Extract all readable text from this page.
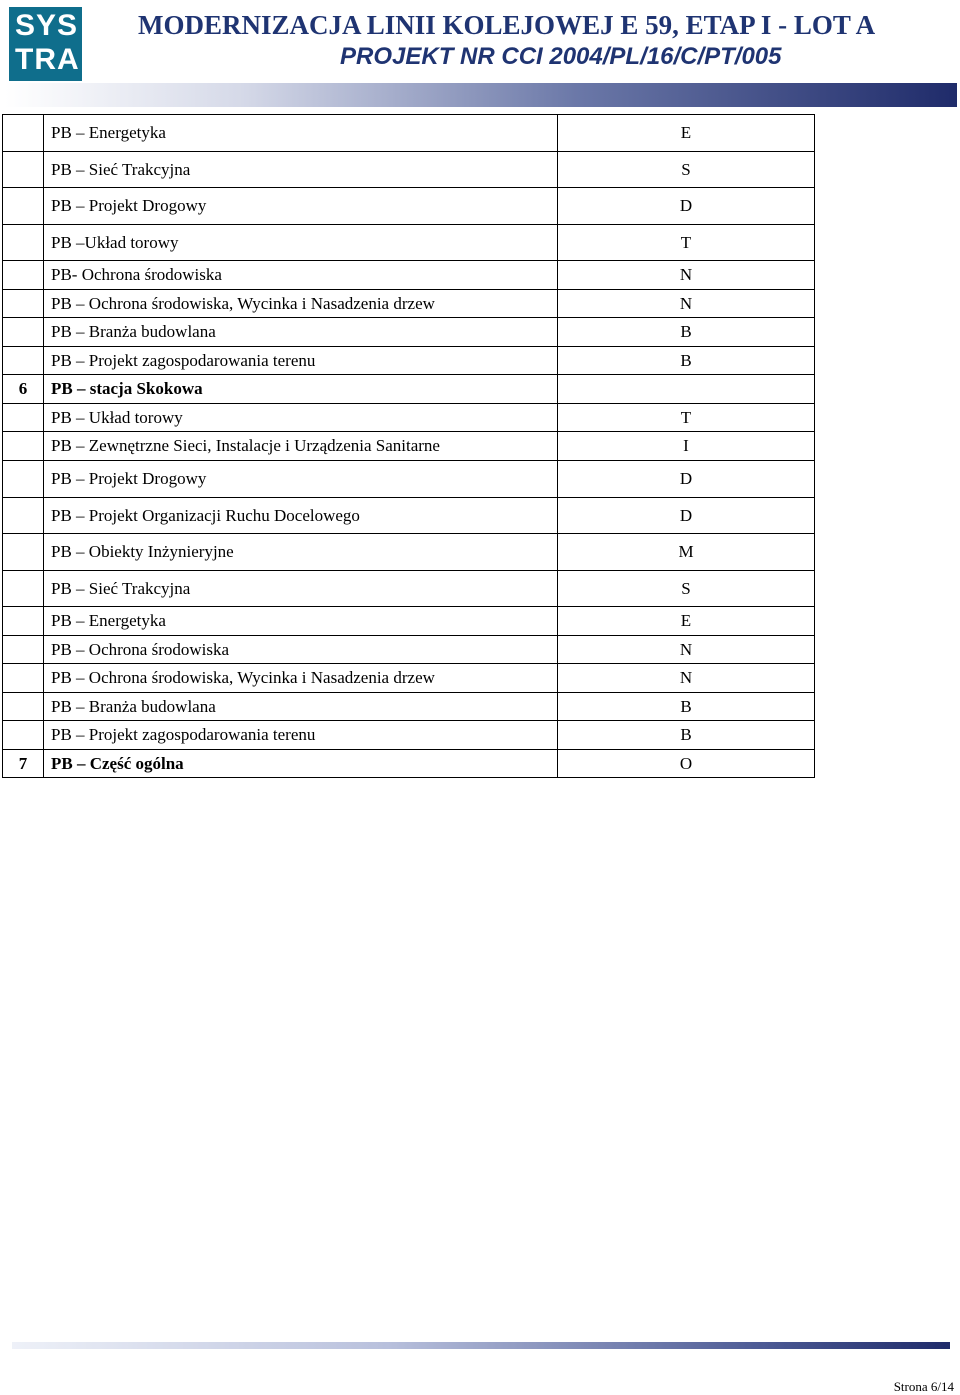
SYS
TRA
MODERNIZACJA LINII KOLEJOWEJ E 59, ETAP I - LOT A
PROJEKT NR CCI 2004/PL/16/C/PT/005
	PB – Energetyka	E
	PB – Sieć Trakcyjna	S
	PB – Projekt Drogowy	D
	PB –Układ torowy	T
	PB- Ochrona środowiska	N
	PB – Ochrona środowiska, Wycinka i Nasadzenia drzew	N
	PB – Branża budowlana	B
	PB – Projekt zagospodarowania terenu	B
6	PB – stacja Skokowa	
	PB – Układ torowy	T
	PB – Zewnętrzne Sieci, Instalacje i Urządzenia Sanitarne	I
	PB – Projekt Drogowy	D
	PB – Projekt Organizacji Ruchu Docelowego	D
	PB – Obiekty Inżynieryjne	M
	PB – Sieć Trakcyjna	S
	PB – Energetyka	E
	PB – Ochrona środowiska	N
	PB – Ochrona środowiska, Wycinka i Nasadzenia drzew	N
	PB – Branża budowlana	B
	PB – Projekt zagospodarowania terenu	B
7	PB – Część ogólna	O
Strona 6/14
